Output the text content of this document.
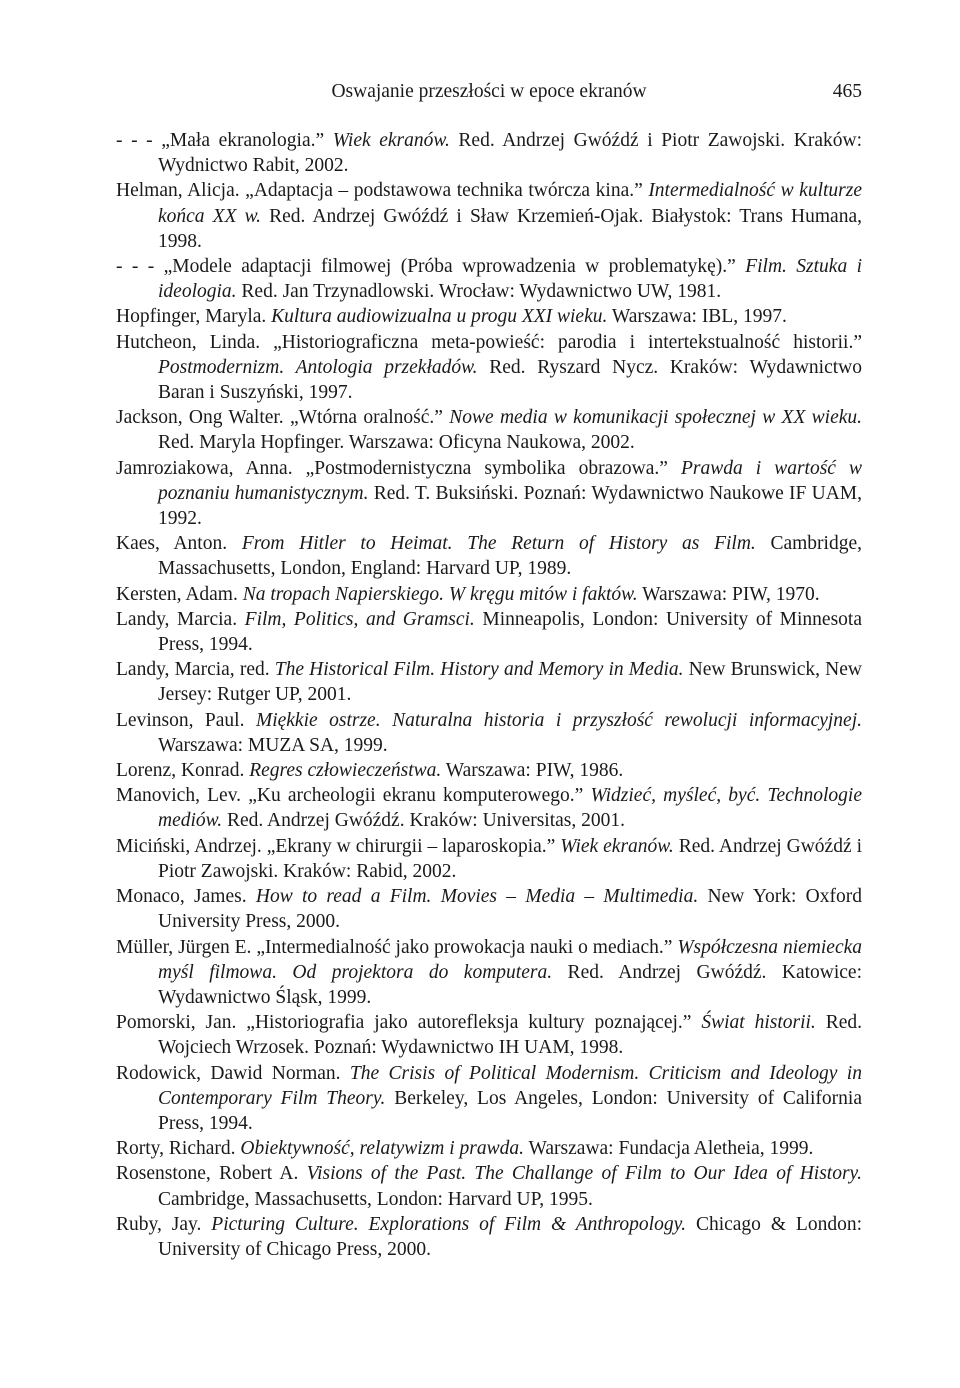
Oswajanie przeszłości w epoce ekranów	465

- - - „Mała ekranologia.” Wiek ekranów. Red. Andrzej Gwóźdź i Piotr Zawojski. Kraków: Wydnictwo Rabit, 2002.

Helman, Alicja. „Adaptacja – podstawowa technika twórcza kina.” Intermedialność w kulturze końca XX w. Red. Andrzej Gwóźdź i Sław Krzemień-Ojak. Białystok: Trans Humana, 1998.

- - - „Modele adaptacji filmowej (Próba wprowadzenia w problematykę).” Film. Sztuka i ideologia. Red. Jan Trzynadlowski. Wrocław: Wydawnictwo UW, 1981.

Hopfinger, Maryla. Kultura audiowizualna u progu XXI wieku. Warszawa: IBL, 1997.

Hutcheon, Linda. „Historiograficzna meta-powieść: parodia i intertekstualność historii.” Postmodernizm. Antologia przekładów. Red. Ryszard Nycz. Kraków: Wydawnictwo Baran i Suszyński, 1997.

Jackson, Ong Walter. „Wtórna oralność.” Nowe media w komunikacji społecznej w XX wieku. Red. Maryla Hopfinger. Warszawa: Oficyna Naukowa, 2002.

Jamroziakowa, Anna. „Postmodernistyczna symbolika obrazowa.” Prawda i wartość w poznaniu humanistycznym. Red. T. Buksiński. Poznań: Wydawnictwo Naukowe IF UAM, 1992.

Kaes, Anton. From Hitler to Heimat. The Return of History as Film. Cambridge, Massachusetts, London, England: Harvard UP, 1989.

Kersten, Adam. Na tropach Napierskiego. W kręgu mitów i faktów. Warszawa: PIW, 1970.

Landy, Marcia. Film, Politics, and Gramsci. Minneapolis, London: University of Minnesota Press, 1994.

Landy, Marcia, red. The Historical Film. History and Memory in Media. New Brunswick, New Jersey: Rutger UP, 2001.

Levinson, Paul. Miękkie ostrze. Naturalna historia i przyszłość rewolucji informacyjnej. Warszawa: MUZA SA, 1999.

Lorenz, Konrad. Regres człowieczeństwa. Warszawa: PIW, 1986.

Manovich, Lev. „Ku archeologii ekranu komputerowego.” Widzieć, myśleć, być. Technologie mediów. Red. Andrzej Gwóźdź. Kraków: Universitas, 2001.

Miciński, Andrzej. „Ekrany w chirurgii – laparoskopia.” Wiek ekranów. Red. Andrzej Gwóźdź i Piotr Zawojski. Kraków: Rabid, 2002.

Monaco, James. How to read a Film. Movies – Media – Multimedia. New York: Oxford University Press, 2000.

Müller, Jürgen E. „Intermedialność jako prowokacja nauki o mediach.” Współczesna niemiecka myśl filmowa. Od projektora do komputera. Red. Andrzej Gwóźdź. Katowice: Wydawnictwo Śląsk, 1999.

Pomorski, Jan. „Historiografia jako autorefleksja kultury poznającej.” Świat historii. Red. Wojciech Wrzosek. Poznań: Wydawnictwo IH UAM, 1998.

Rodowick, Dawid Norman. The Crisis of Political Modernism. Criticism and Ideology in Contemporary Film Theory. Berkeley, Los Angeles, London: University of California Press, 1994.

Rorty, Richard. Obiektywność, relatywizm i prawda. Warszawa: Fundacja Aletheia, 1999.

Rosenstone, Robert A. Visions of the Past. The Challange of Film to Our Idea of History. Cambridge, Massachusetts, London: Harvard UP, 1995.

Ruby, Jay. Picturing Culture. Explorations of Film & Anthropology. Chicago & London: University of Chicago Press, 2000.
